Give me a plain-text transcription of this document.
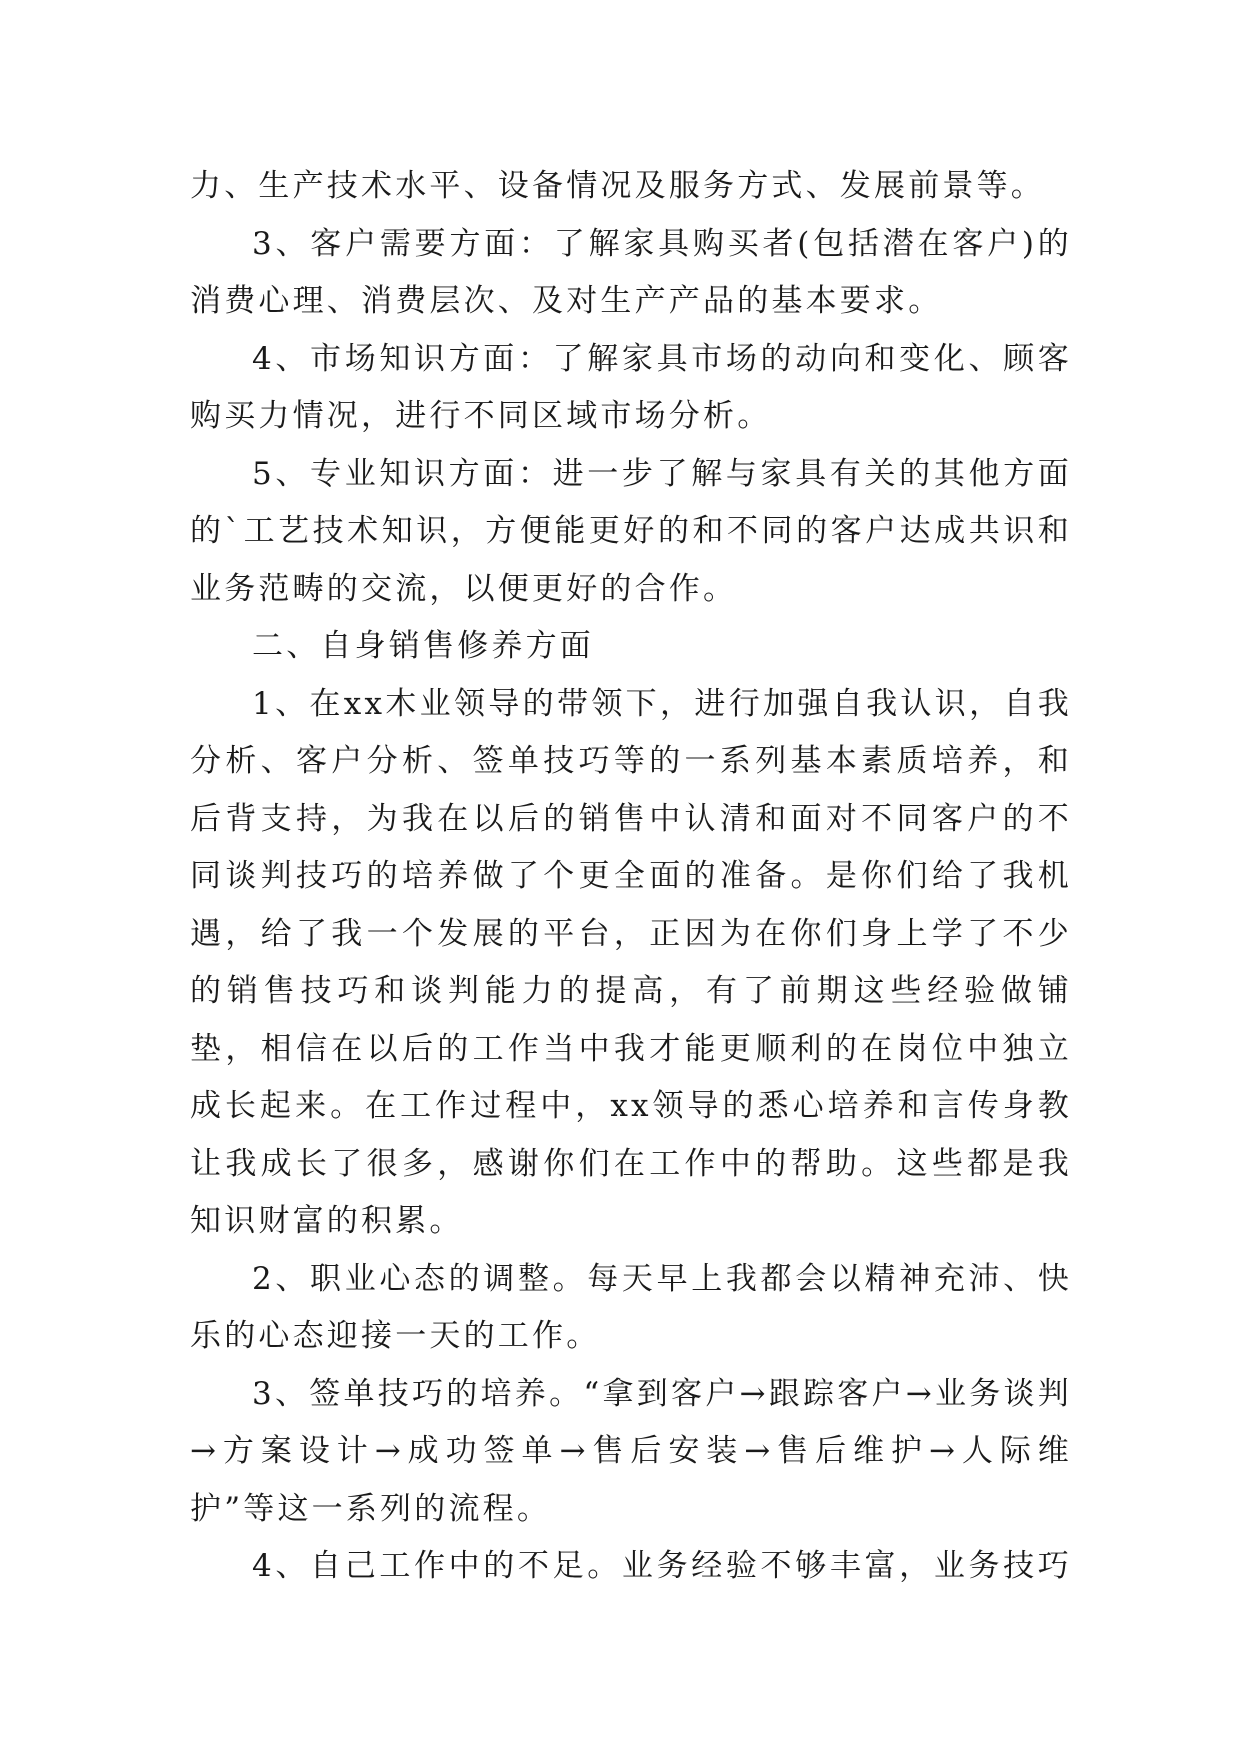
力、生产技术水平、设备情况及服务方式、发展前景等。

3、客户需要方面：了解家具购买者(包括潜在客户)的消费心理、消费层次、及对生产产品的基本要求。

4、市场知识方面：了解家具市场的动向和变化、顾客购买力情况，进行不同区域市场分析。

5、专业知识方面：进一步了解与家具有关的其他方面的`工艺技术知识，方便能更好的和不同的客户达成共识和业务范畴的交流，以便更好的合作。

二、自身销售修养方面

1、在xx木业领导的带领下，进行加强自我认识，自我分析、客户分析、签单技巧等的一系列基本素质培养，和后背支持，为我在以后的销售中认清和面对不同客户的不同谈判技巧的培养做了个更全面的准备。是你们给了我机遇，给了我一个发展的平台，正因为在你们身上学了不少的销售技巧和谈判能力的提高，有了前期这些经验做铺垫，相信在以后的工作当中我才能更顺利的在岗位中独立成长起来。在工作过程中，xx领导的悉心培养和言传身教让我成长了很多，感谢你们在工作中的帮助。这些都是我知识财富的积累。

2、职业心态的调整。每天早上我都会以精神充沛、快乐的心态迎接一天的工作。

3、签单技巧的培养。“拿到客户→跟踪客户→业务谈判→方案设计→成功签单→售后安装→售后维护→人际维护”等这一系列的流程。

4、自己工作中的不足。业务经验不够丰富，业务技巧
